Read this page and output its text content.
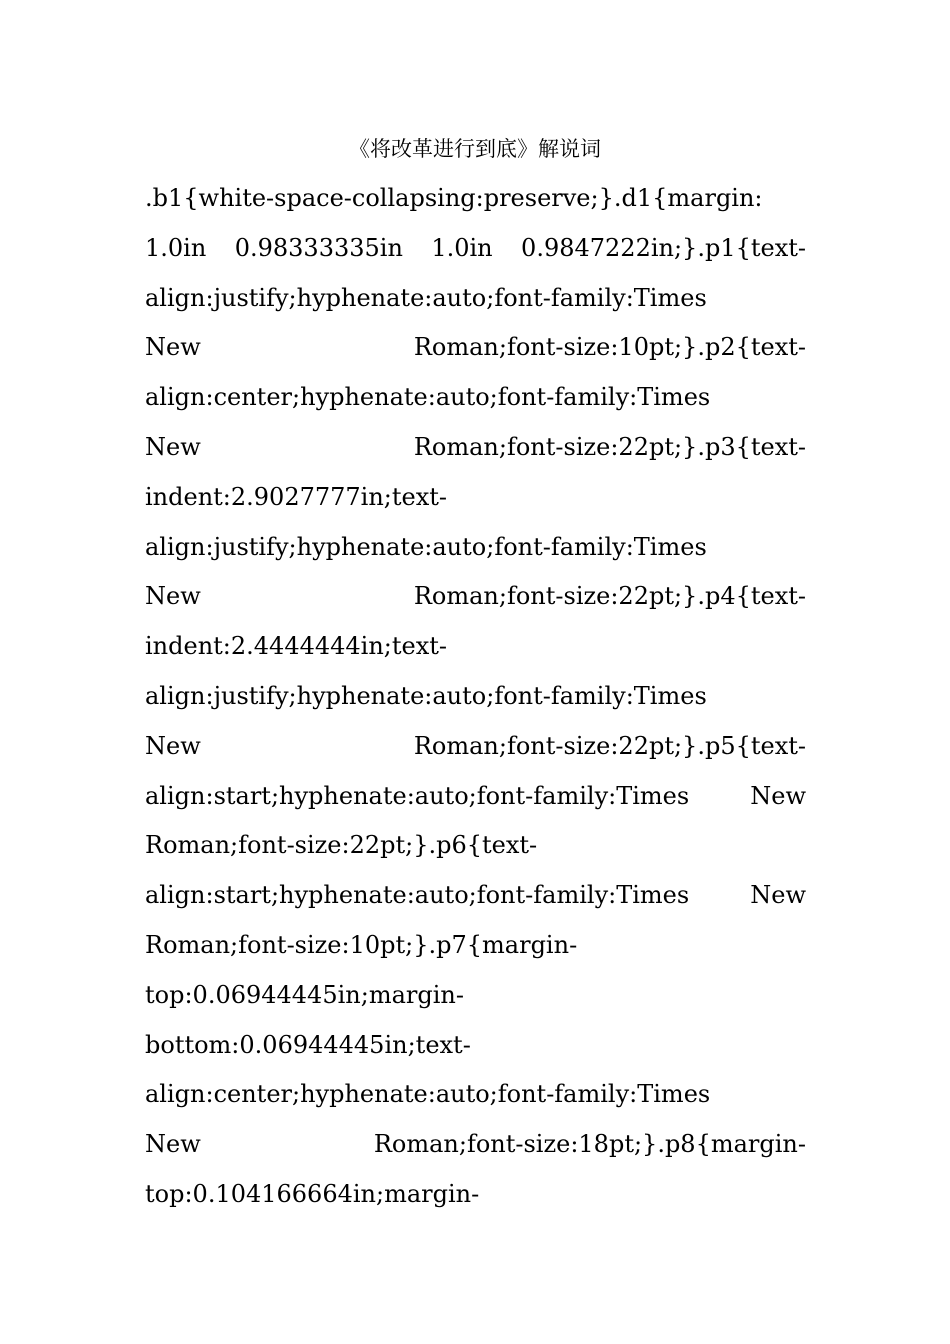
《将改革进行到底》解说词
.b1{white-space-collapsing:preserve;}.d1{margin:
1.0in 0.98333335in 1.0in 0.9847222in;}.p1{text-
align:justify;hyphenate:auto;font-family:Times
New Roman;font-size:10pt;}.p2{text-
align:center;hyphenate:auto;font-family:Times
New Roman;font-size:22pt;}.p3{text-
indent:2.9027777in;text-
align:justify;hyphenate:auto;font-family:Times
New Roman;font-size:22pt;}.p4{text-
indent:2.4444444in;text-
align:justify;hyphenate:auto;font-family:Times
New Roman;font-size:22pt;}.p5{text-
align:start;hyphenate:auto;font-family:Times New
Roman;font-size:22pt;}.p6{text-
align:start;hyphenate:auto;font-family:Times New
Roman;font-size:10pt;}.p7{margin-
top:0.06944445in;margin-
bottom:0.06944445in;text-
align:center;hyphenate:auto;font-family:Times
New Roman;font-size:18pt;}.p8{margin-
top:0.104166664in;margin-
